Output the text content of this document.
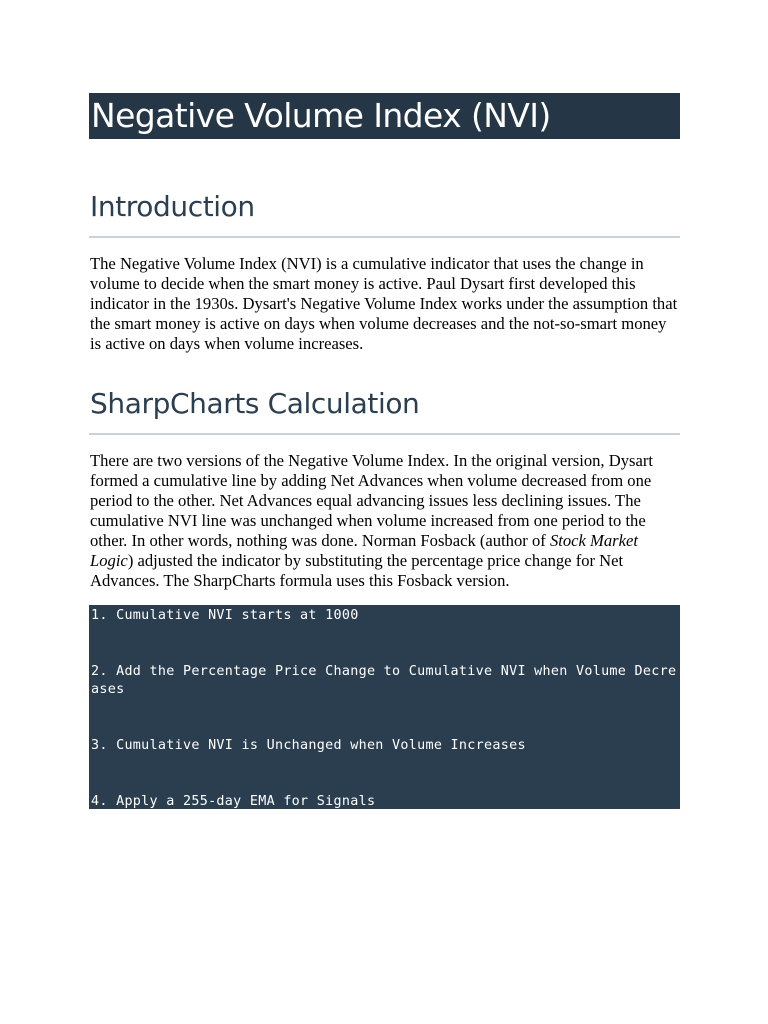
Negative Volume Index (NVI)
Introduction

The Negative Volume Index (NVI) is a cumulative indicator that uses the change in volume to decide when the smart money is active. Paul Dysart first developed this indicator in the 1930s. Dysart's Negative Volume Index works under the assumption that the smart money is active on days when volume decreases and the not-so-smart money is active on days when volume increases.

SharpCharts Calculation

There are two versions of the Negative Volume Index. In the original version, Dysart formed a cumulative line by adding Net Advances when volume decreased from one period to the other. Net Advances equal advancing issues less declining issues. The cumulative NVI line was unchanged when volume increased from one period to the other. In other words, nothing was done. Norman Fosback (author of Stock Market Logic) adjusted the indicator by substituting the percentage price change for Net Advances. The SharpCharts formula uses this Fosback version.

1. Cumulative NVI starts at 1000
2. Add the Percentage Price Change to Cumulative NVI when Volume Decreases
3. Cumulative NVI is Unchanged when Volume Increases
4. Apply a 255-day EMA for Signals
